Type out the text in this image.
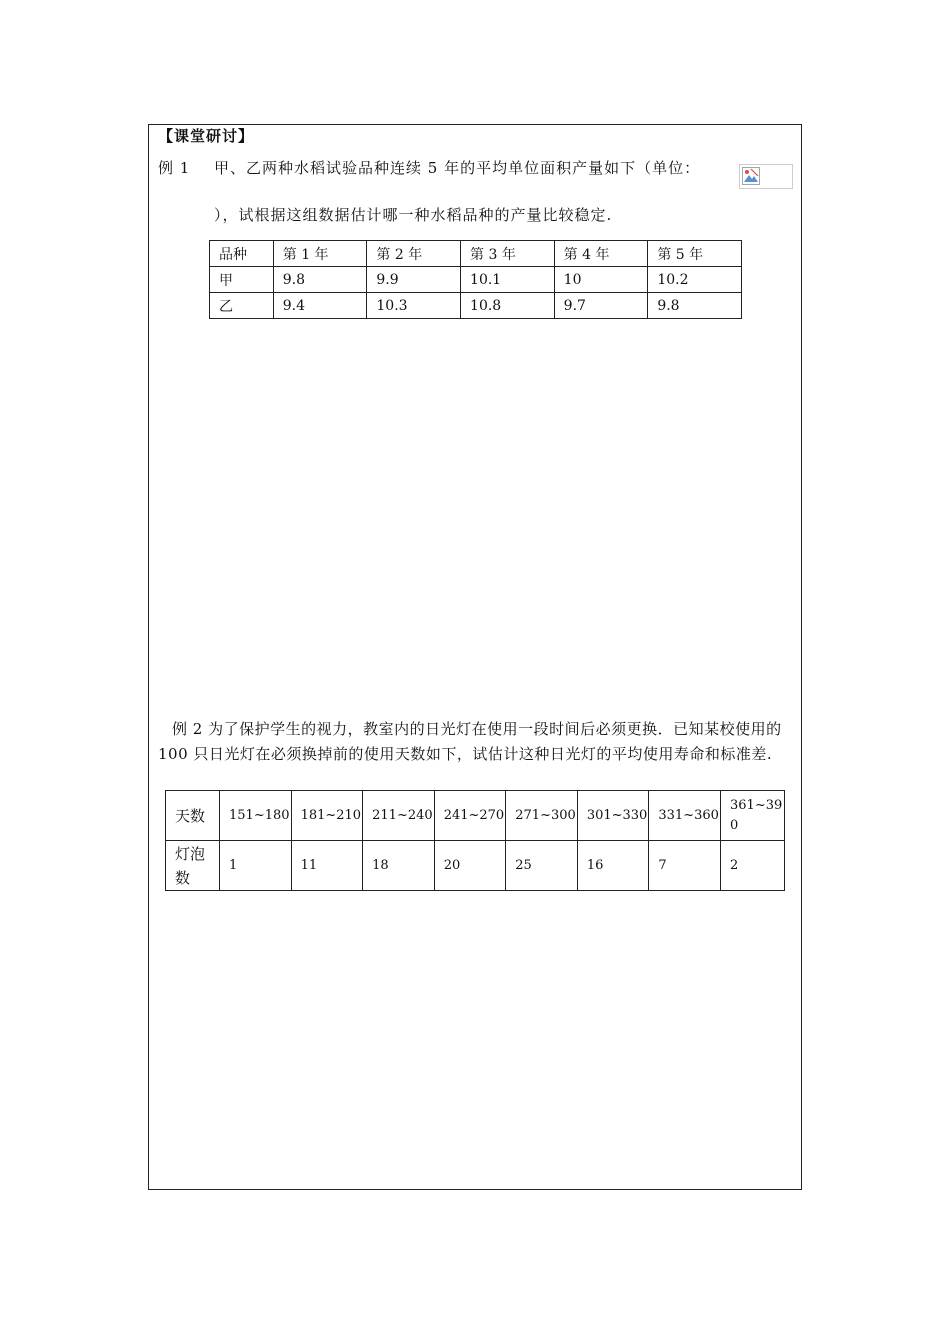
【课堂研讨】
例 1 甲、乙两种水稻试验品种连续 5 年的平均单位面积产量如下（单位：
），试根据这组数据估计哪一种水稻品种的产量比较稳定.
品种	第 1 年	第 2 年	第 3 年	第 4 年	第 5 年
甲	9.8	9.9	10.1	10	10.2
乙	9.4	10.3	10.8	9.7	9.8
例 2 为了保护学生的视力，教室内的日光灯在使用一段时间后必须更换．已知某校使用的 100 只日光灯在必须换掉前的使用天数如下，试估计这种日光灯的平均使用寿命和标准差.
天数	151~180	181~210	211~240	241~270	271~300	301~330	331~360	361~390
灯泡数	1	11	18	20	25	16	7	2
